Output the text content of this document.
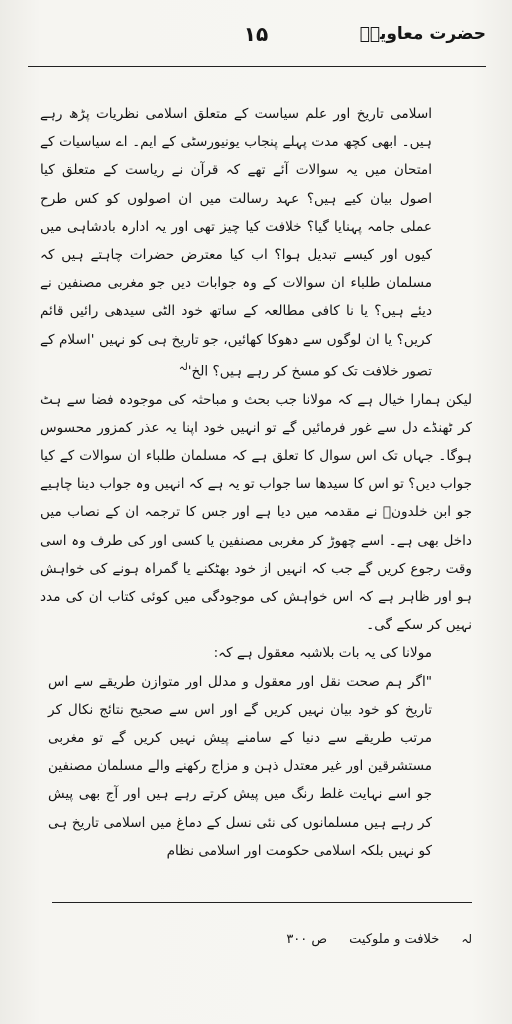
حضرت معاویہؓ
۱۵

اسلامی تاریخ اور علم سیاست کے متعلق اسلامی نظریات پڑھ رہے ہیں۔ ابھی کچھ مدت پہلے پنجاب یونیورسٹی کے ایم۔ اے سیاسیات کے امتحان میں یہ سوالات آئے تھے کہ قرآن نے ریاست کے متعلق کیا اصول بیان کیے ہیں؟ عہد رسالت میں ان اصولوں کو کس طرح عملی جامہ پہنایا گیا؟ خلافت کیا چیز تھی اور یہ ادارہ بادشاہی میں کیوں اور کیسے تبدیل ہوا؟ اب کیا معترض حضرات چاہتے ہیں کہ مسلمان طلباء ان سوالات کے وہ جوابات دیں جو مغربی مصنفین نے دیئے ہیں؟ یا نا کافی مطالعہ کے ساتھ خود الٹی سیدھی رائیں قائم کریں؟ یا ان لوگوں سے دھوکا کھائیں، جو تاریخ ہی کو نہیں 'اسلام کے تصور خلافت تک کو مسخ کر رہے ہیں؟ الخ'$^{لہ}$

لیکن ہمارا خیال ہے کہ مولانا جب بحث و مباحثہ کی موجودہ فضا سے ہٹ کر ٹھنڈے دل سے غور فرمائیں گے تو انہیں خود اپنا یہ عذر کمزور محسوس ہوگا۔ جہاں تک اس سوال کا تعلق ہے کہ مسلمان طلباء ان سوالات کے کیا جواب دیں؟ تو اس کا سیدھا سا جواب تو یہ ہے کہ انہیں وہ جواب دینا چاہیے جو ابن خلدونؒ نے مقدمہ میں دیا ہے اور جس کا ترجمہ ان کے نصاب میں داخل بھی ہے۔ اسے چھوڑ کر مغربی مصنفین یا کسی اور کی طرف وہ اسی وقت رجوع کریں گے جب کہ انہیں از خود بھٹکنے یا گمراہ ہونے کی خواہش ہو اور ظاہر ہے کہ اس خواہش کی موجودگی میں کوئی کتاب ان کی مدد نہیں کر سکے گی۔

مولانا کی یہ بات بلاشبہ معقول ہے کہ:

"اگر ہم صحت نقل اور معقول و مدلل اور متوازن طریقے سے اس تاریخ کو خود بیان نہیں کریں گے اور اس سے صحیح نتائج نکال کر مرتب طریقے سے دنیا کے سامنے پیش نہیں کریں گے تو مغربی مستشرقین اور غیر معتدل ذہن و مزاج رکھنے والے مسلمان مصنفین جو اسے نہایت غلط رنگ میں پیش کرتے رہے ہیں اور آج بھی پیش کر رہے ہیں مسلمانوں کی نئی نسل کے دماغ میں اسلامی تاریخ ہی کو نہیں بلکہ اسلامی حکومت اور اسلامی نظام

لہ
خلافت و ملوکیت
ص ۳۰۰
